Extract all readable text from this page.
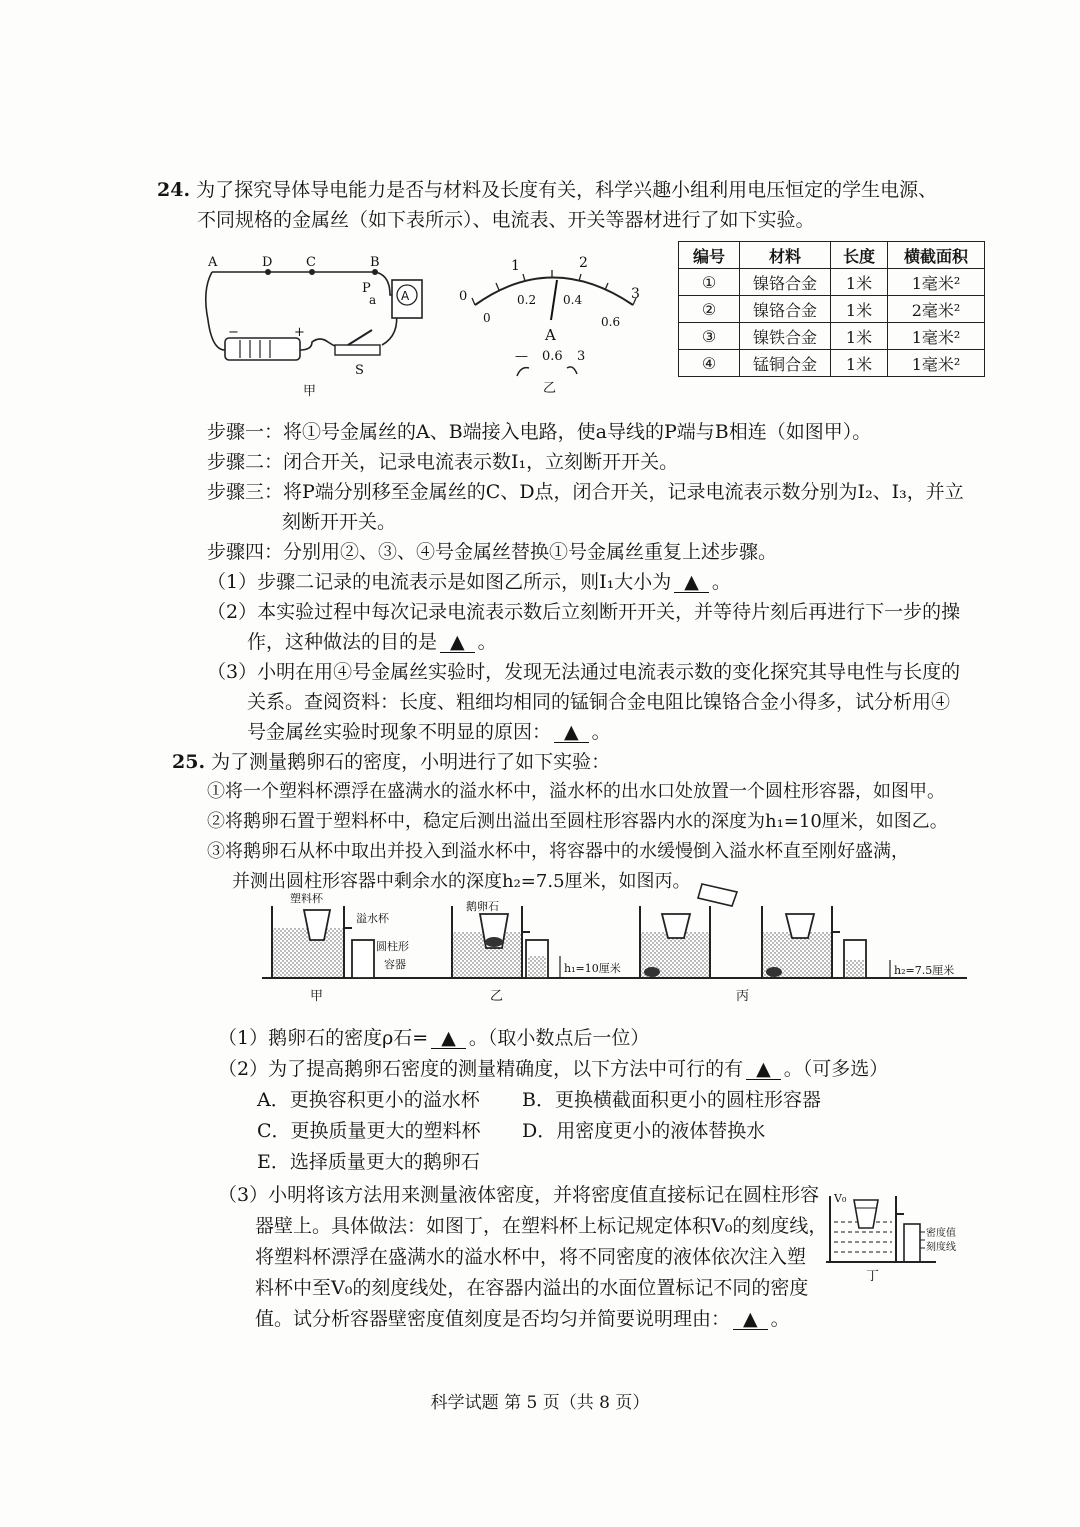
24. 为了探究导体导电能力是否与材料及长度有关，科学兴趣小组利用电压恒定的学生电源、
不同规格的金属丝（如下表所示）、电流表、开关等器材进行了如下实验。
A
A	D	C	B
P
a
−	+
S
甲
0
1	2
3
0
0.2 0.4
0.6
A
— 0.6 3
乙
编号	材料	长度	横截面积
①	镍铬合金	1米	1毫米²
②	镍铬合金	1米	2毫米²
③	镍铁合金	1米	1毫米²
④	锰铜合金	1米	1毫米²
步骤一：将①号金属丝的A、B端接入电路，使a导线的P端与B相连（如图甲）。
步骤二：闭合开关，记录电流表示数I₁，立刻断开开关。
步骤三：将P端分别移至金属丝的C、D点，闭合开关，记录电流表示数分别为I₂、I₃，并立
刻断开开关。
步骤四：分别用②、③、④号金属丝替换①号金属丝重复上述步骤。
（1）步骤二记录的电流表示是如图乙所示，则I₁大小为 ▲ 。
（2）本实验过程中每次记录电流表示数后立刻断开开关，并等待片刻后再进行下一步的操
作，这种做法的目的是 ▲ 。
（3）小明在用④号金属丝实验时，发现无法通过电流表示数的变化探究其导电性与长度的
关系。查阅资料：长度、粗细均相同的锰铜合金电阻比镍铬合金小得多，试分析用④
号金属丝实验时现象不明显的原因： ▲ 。
25. 为了测量鹅卵石的密度，小明进行了如下实验：
①将一个塑料杯漂浮在盛满水的溢水杯中，溢水杯的出水口处放置一个圆柱形容器，如图甲。
②将鹅卵石置于塑料杯中，稳定后测出溢出至圆柱形容器内水的深度为h₁=10厘米，如图乙。
③将鹅卵石从杯中取出并投入到溢水杯中，将容器中的水缓慢倒入溢水杯直至刚好盛满，
并测出圆柱形容器中剩余水的深度h₂=7.5厘米，如图丙。
塑料杯
溢水杯
圆柱形
容器
鹅卵石
h₁=10厘米	h₂=7.5厘米
甲	乙	丙
（1）鹅卵石的密度ρ石= ▲ 。（取小数点后一位）
（2）为了提高鹅卵石密度的测量精确度，以下方法中可行的有 ▲ 。（可多选）
A．更换容积更小的溢水杯 B．更换横截面积更小的圆柱形容器
C．更换质量更大的塑料杯 D．用密度更小的液体替换水
E．选择质量更大的鹅卵石
（3）小明将该方法用来测量液体密度，并将密度值直接标记在圆柱形容
器壁上。具体做法：如图丁，在塑料杯上标记规定体积V₀的刻度线，
将塑料杯漂浮在盛满水的溢水杯中，将不同密度的液体依次注入塑
料杯中至V₀的刻度线处，在容器内溢出的水面位置标记不同的密度
值。试分析容器壁密度值刻度是否均匀并简要说明理由： ▲ 。
V₀
密度值
刻度线
丁
科学试题 第 5 页（共 8 页）
